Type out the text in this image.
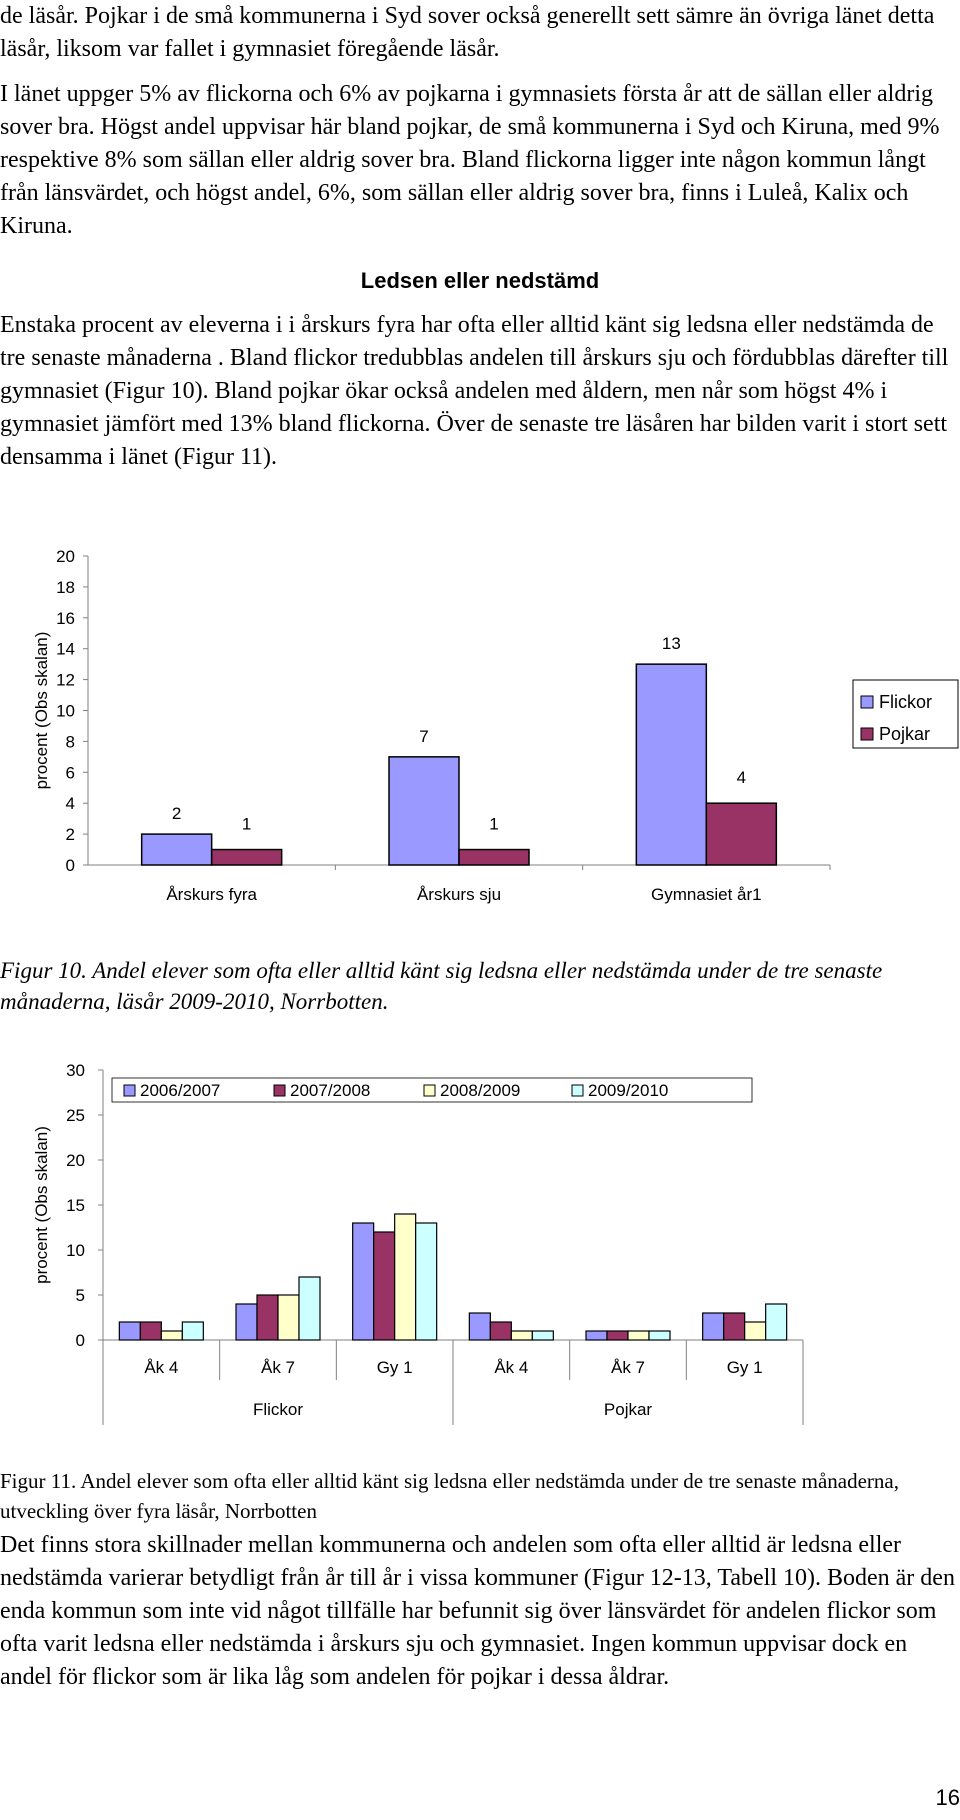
de läsår. Pojkar i de små kommunerna i Syd sover också generellt sett sämre än övriga länet detta läsår, liksom var fallet i gymnasiet föregående läsår.

I länet uppger 5% av flickorna och 6% av pojkarna i gymnasiets första år att de sällan eller aldrig sover bra. Högst andel uppvisar här bland pojkar, de små kommunerna i Syd och Kiruna, med 9% respektive 8% som sällan eller aldrig sover bra. Bland flickorna ligger inte någon kommun långt från länsvärdet, och högst andel, 6%, som sällan eller aldrig sover bra, finns i Luleå, Kalix och Kiruna.

Ledsen eller nedstämd

Enstaka procent av eleverna i i årskurs fyra har ofta eller alltid känt sig ledsna eller nedstämda de tre senaste månaderna . Bland flickor tredubblas andelen till årskurs sju och fördubblas därefter till gymnasiet (Figur 10). Bland pojkar ökar också andelen med åldern, men når som högst 4% i gymnasiet jämfört med 13% bland flickorna. Över de senaste tre läsåren har bilden varit i stort sett densamma i länet (Figur 11).

0
2
4
6
8
10
12
14
16
18
20
procent (Obs skalan)
Årskurs fyra
2
1
Årskurs sju
7
1
Gymnasiet år1
13
4
Flickor
Pojkar

Figur 10. Andel elever som ofta eller alltid känt sig ledsna eller nedstämda under de tre senaste månaderna, läsår 2009-2010, Norrbotten.

0
5
10
15
20
25
30
procent (Obs skalan)
Åk 4	Åk 7	Gy 1	Åk 4	Åk 7	Gy 1
Flickor	Pojkar
2006/2007	2007/2008	2008/2009	2009/2010

Figur 11. Andel elever som ofta eller alltid känt sig ledsna eller nedstämda under de tre senaste månaderna, utveckling över fyra läsår, Norrbotten

Det finns stora skillnader mellan kommunerna och andelen som ofta eller alltid är ledsna eller nedstämda varierar betydligt från år till år i vissa kommuner (Figur 12-13, Tabell 10). Boden är den enda kommun som inte vid något tillfälle har befunnit sig över länsvärdet för andelen flickor som ofta varit ledsna eller nedstämda i årskurs sju och gymnasiet. Ingen kommun uppvisar dock en andel för flickor som är lika låg som andelen för pojkar i dessa åldrar.

16
